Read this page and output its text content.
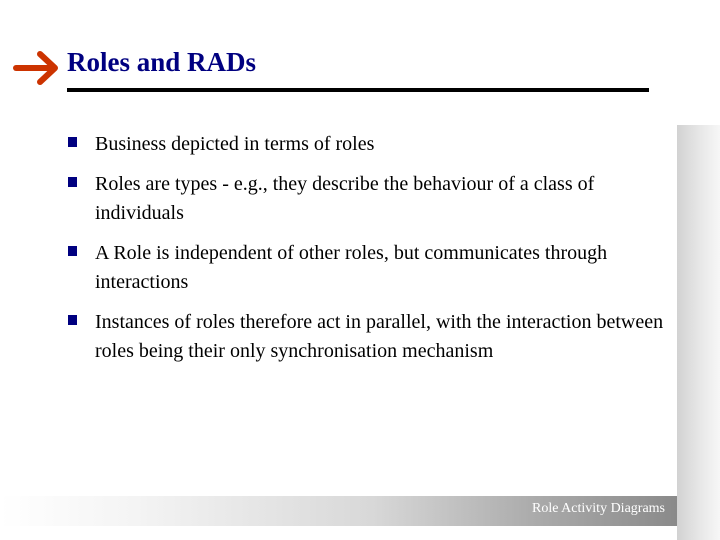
Roles and RADs
Business depicted in terms of roles
Roles are types - e.g., they describe the behaviour of a class of individuals
A Role is independent of other roles, but communicates through interactions
Instances of roles therefore act in parallel, with the interaction between roles being their only synchronisation mechanism
Role Activity Diagrams
